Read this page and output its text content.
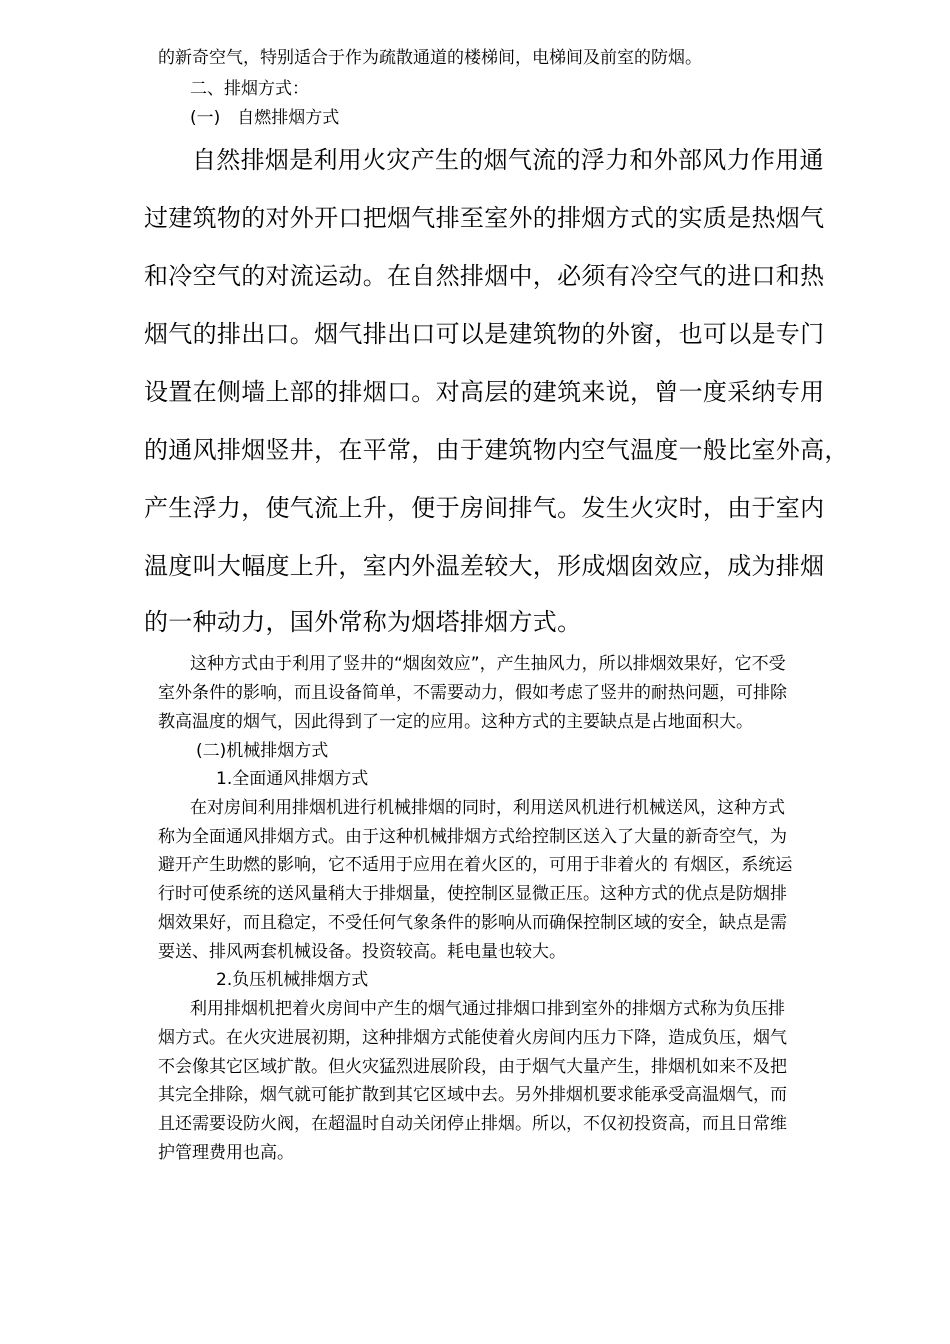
的新奇空气，特别适合于作为疏散通道的楼梯间，电梯间及前室的防烟。

二、排烟方式：

(一)　自燃排烟方式

自然排烟是利用火灾产生的烟气流的浮力和外部风力作用通

过建筑物的对外开口把烟气排至室外的排烟方式的实质是热烟气

和冷空气的对流运动。在自然排烟中，必须有冷空气的进口和热

烟气的排出口。烟气排出口可以是建筑物的外窗，也可以是专门

设置在侧墙上部的排烟口。对高层的建筑来说，曾一度采纳专用

的通风排烟竖井，在平常，由于建筑物内空气温度一般比室外高，

产生浮力，使气流上升，便于房间排气。发生火灾时，由于室内

温度叫大幅度上升，室内外温差较大，形成烟囱效应，成为排烟

的一种动力，国外常称为烟塔排烟方式。

这种方式由于利用了竖井的“烟囱效应”，产生抽风力，所以排烟效果好，它不受

室外条件的影响，而且设备简单，不需要动力，假如考虑了竖井的耐热问题，可排除

教高温度的烟气，因此得到了一定的应用。这种方式的主要缺点是占地面积大。

(二)机械排烟方式

1.全面通风排烟方式

在对房间利用排烟机进行机械排烟的同时，利用送风机进行机械送风，这种方式

称为全面通风排烟方式。由于这种机械排烟方式给控制区送入了大量的新奇空气，为

避开产生助燃的影响，它不适用于应用在着火区的，可用于非着火的 有烟区，系统运

行时可使系统的送风量稍大于排烟量，使控制区显微正压。这种方式的优点是防烟排

烟效果好，而且稳定，不受任何气象条件的影响从而确保控制区域的安全，缺点是需

要送、排风两套机械设备。投资较高。耗电量也较大。

2.负压机械排烟方式

利用排烟机把着火房间中产生的烟气通过排烟口排到室外的排烟方式称为负压排

烟方式。在火灾进展初期，这种排烟方式能使着火房间内压力下降，造成负压，烟气

不会像其它区域扩散。但火灾猛烈进展阶段，由于烟气大量产生，排烟机如来不及把

其完全排除，烟气就可能扩散到其它区域中去。另外排烟机要求能承受高温烟气，而

且还需要设防火阀，在超温时自动关闭停止排烟。所以，不仅初投资高，而且日常维

护管理费用也高。
